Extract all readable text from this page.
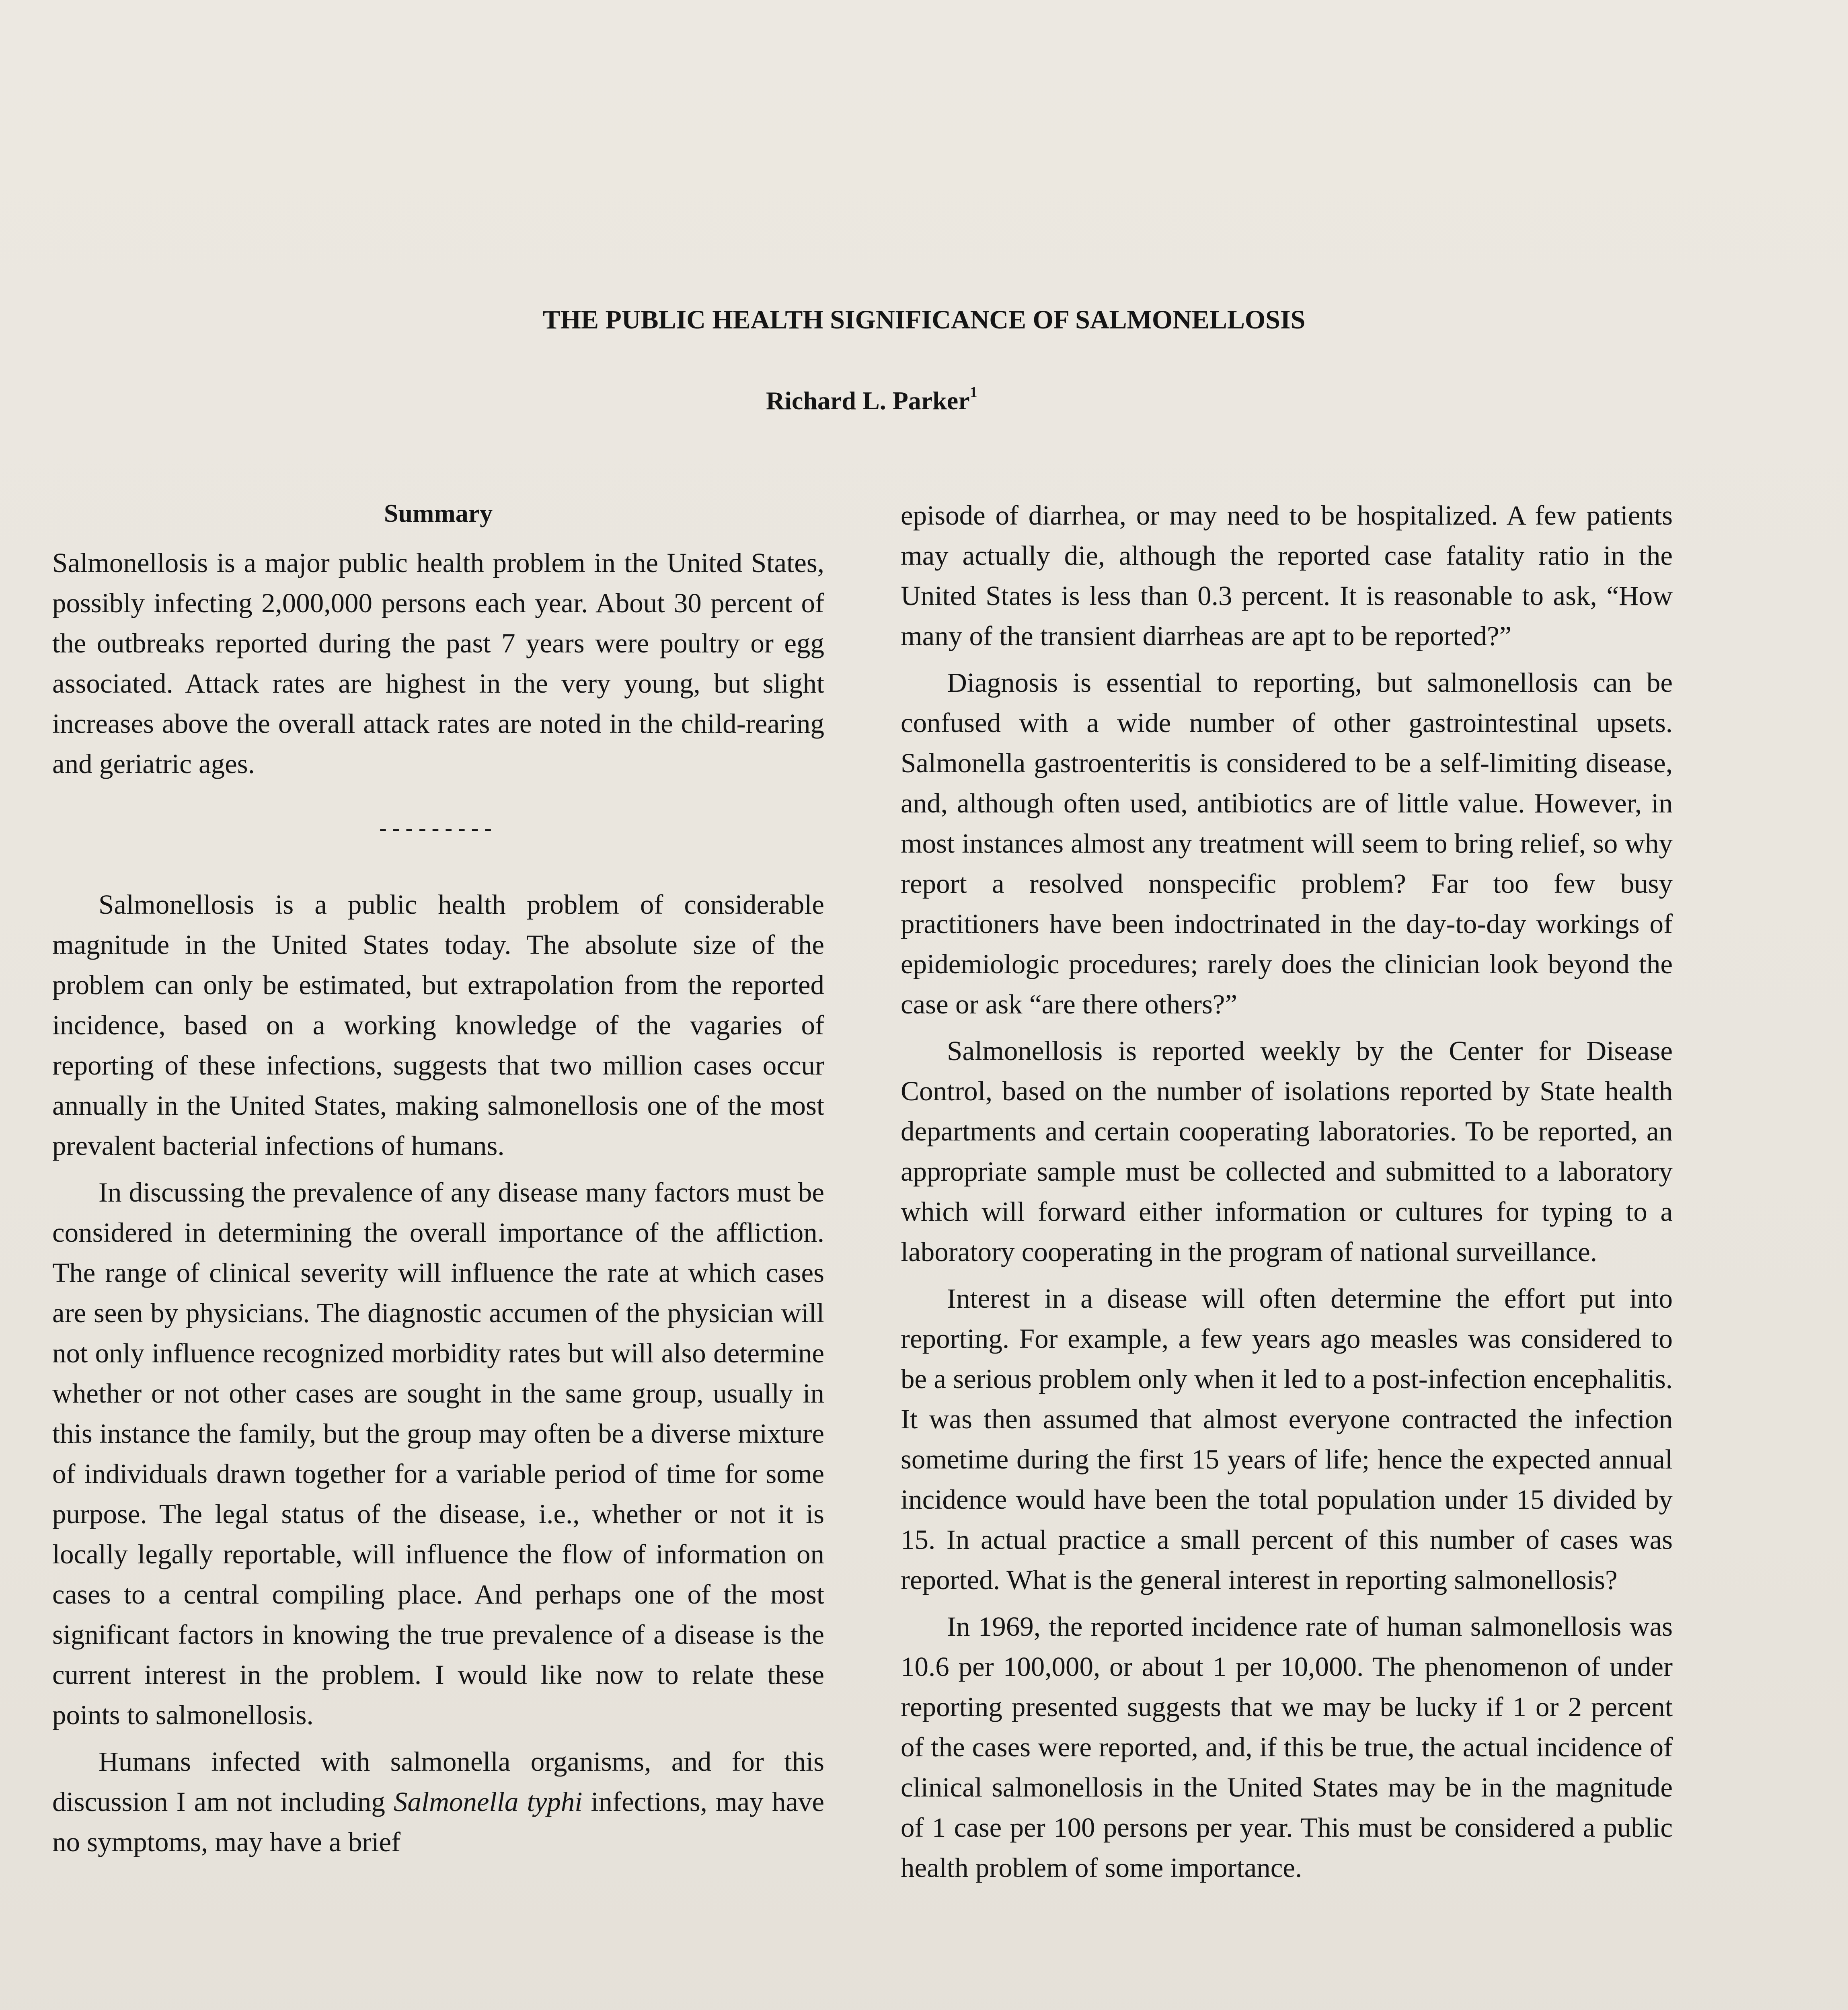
THE PUBLIC HEALTH SIGNIFICANCE OF SALMONELLOSIS
Richard L. Parker$^1$
Summary

Salmonellosis is a major public health problem in the United States, possibly infecting 2,000,000 persons each year. About 30 percent of the outbreaks reported during the past 7 years were poultry or egg associated. Attack rates are highest in the very young, but slight increases above the overall attack rates are noted in the child-rearing and geriatric ages.

---------

Salmonellosis is a public health problem of considerable magnitude in the United States today. The absolute size of the problem can only be estimated, but extrapolation from the reported incidence, based on a working knowledge of the vagaries of reporting of these infections, suggests that two million cases occur annually in the United States, making salmonellosis one of the most prevalent bacterial infections of humans.

In discussing the prevalence of any disease many factors must be considered in determining the overall importance of the affliction. The range of clinical severity will influence the rate at which cases are seen by physicians. The diagnostic accumen of the physician will not only influence recognized morbidity rates but will also determine whether or not other cases are sought in the same group, usually in this instance the family, but the group may often be a diverse mixture of individuals drawn together for a variable period of time for some purpose. The legal status of the disease, i.e., whether or not it is locally legally reportable, will influence the flow of information on cases to a central compiling place. And perhaps one of the most significant factors in knowing the true prevalence of a disease is the current interest in the problem. I would like now to relate these points to salmonellosis.

Humans infected with salmonella organisms, and for this discussion I am not including Salmonella typhi infections, may have no symptoms, may have a brief

episode of diarrhea, or may need to be hospitalized. A few patients may actually die, although the reported case fatality ratio in the United States is less than 0.3 percent. It is reasonable to ask, “How many of the transient diarrheas are apt to be reported?”

Diagnosis is essential to reporting, but salmonellosis can be confused with a wide number of other gastrointestinal upsets. Salmonella gastroenteritis is considered to be a self-limiting disease, and, although often used, antibiotics are of little value. However, in most instances almost any treatment will seem to bring relief, so why report a resolved nonspecific problem? Far too few busy practitioners have been indoctrinated in the day-to-day workings of epidemiologic procedures; rarely does the clinician look beyond the case or ask “are there others?”

Salmonellosis is reported weekly by the Center for Disease Control, based on the number of isolations reported by State health departments and certain cooperating laboratories. To be reported, an appropriate sample must be collected and submitted to a laboratory which will forward either information or cultures for typing to a laboratory cooperating in the program of national surveillance.

Interest in a disease will often determine the effort put into reporting. For example, a few years ago measles was considered to be a serious problem only when it led to a post-infection encephalitis. It was then assumed that almost everyone contracted the infection sometime during the first 15 years of life; hence the expected annual incidence would have been the total population under 15 divided by 15. In actual practice a small percent of this number of cases was reported. What is the general interest in reporting salmonellosis?

In 1969, the reported incidence rate of human salmonellosis was 10.6 per 100,000, or about 1 per 10,000. The phenomenon of under reporting presented suggests that we may be lucky if 1 or 2 percent of the cases were reported, and, if this be true, the actual incidence of clinical salmonellosis in the United States may be in the magnitude of 1 case per 100 persons per year. This must be considered a public health problem of some importance.
